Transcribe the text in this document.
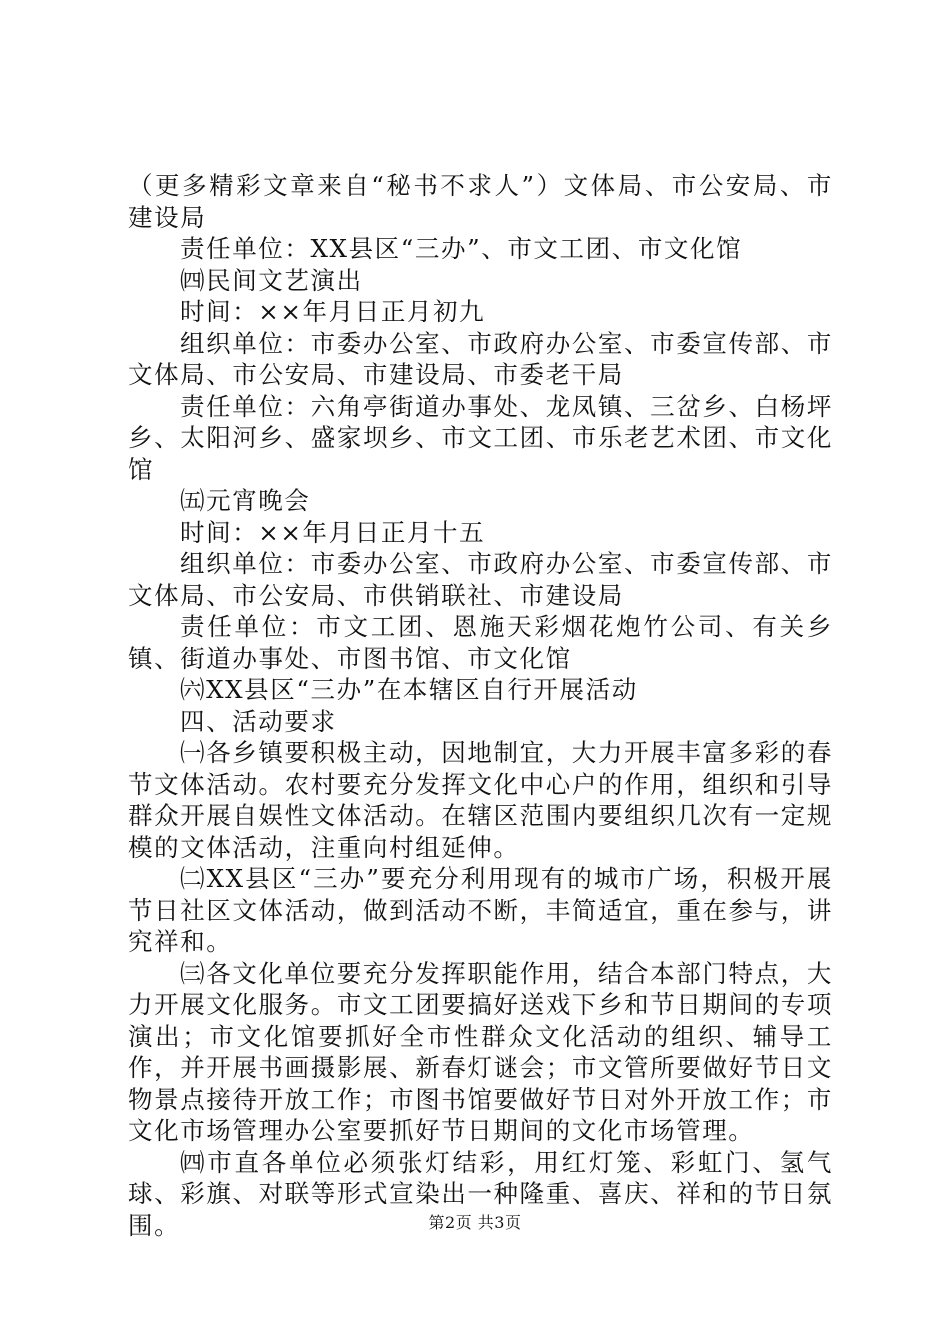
（更多精彩文章来自“秘书不求人”）文体局、市公安局、市建设局

责任单位：XX县区“三办”、市文工团、市文化馆

㈣民间文艺演出

时间：××年月日正月初九

组织单位：市委办公室、市政府办公室、市委宣传部、市文体局、市公安局、市建设局、市委老干局

责任单位：六角亭街道办事处、龙凤镇、三岔乡、白杨坪乡、太阳河乡、盛家坝乡、市文工团、市乐老艺术团、市文化馆

㈤元宵晚会

时间：××年月日正月十五

组织单位：市委办公室、市政府办公室、市委宣传部、市文体局、市公安局、市供销联社、市建设局

责任单位：市文工团、恩施天彩烟花炮竹公司、有关乡镇、街道办事处、市图书馆、市文化馆

㈥XX县区“三办”在本辖区自行开展活动

四、活动要求

㈠各乡镇要积极主动，因地制宜，大力开展丰富多彩的春节文体活动。农村要充分发挥文化中心户的作用，组织和引导群众开展自娱性文体活动。在辖区范围内要组织几次有一定规模的文体活动，注重向村组延伸。

㈡XX县区“三办”要充分利用现有的城市广场，积极开展节日社区文体活动，做到活动不断，丰简适宜，重在参与，讲究祥和。

㈢各文化单位要充分发挥职能作用，结合本部门特点，大力开展文化服务。市文工团要搞好送戏下乡和节日期间的专项演出；市文化馆要抓好全市性群众文化活动的组织、辅导工作，并开展书画摄影展、新春灯谜会；市文管所要做好节日文物景点接待开放工作；市图书馆要做好节日对外开放工作；市文化市场管理办公室要抓好节日期间的文化市场管理。

㈣市直各单位必须张灯结彩，用红灯笼、彩虹门、氢气球、彩旗、对联等形式宣染出一种隆重、喜庆、祥和的节日氛围。	第2页 共3页
